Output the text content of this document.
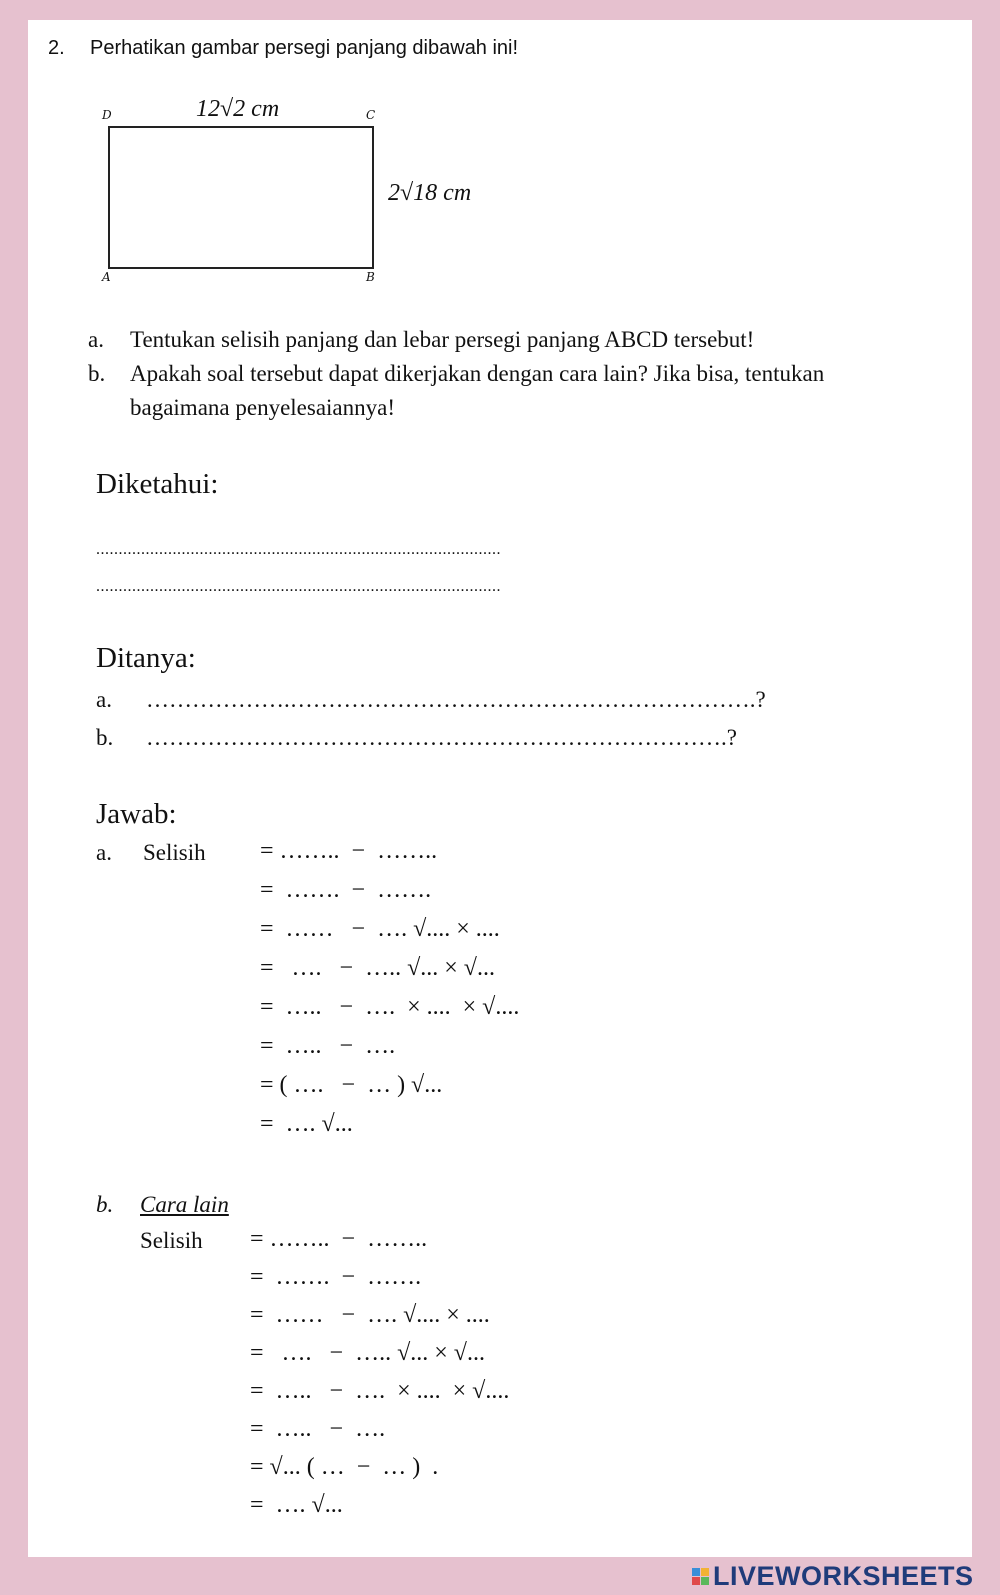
2. Perhatikan gambar persegi panjang dibawah ini!
D	C
A	B
12√2 cm
2√18 cm
a. Tentukan selisih panjang dan lebar persegi panjang ABCD tersebut!
b. Apakah soal tersebut dapat dikerjakan dengan cara lain? Jika bisa, tentukan
bagaimana penyelesaiannya!
Diketahui:
..........................................................................................
..........................................................................................
Ditanya:
a. ……………….…………………………………………………….?
b. ………………………………………………………………….?
Jawab:
a. Selisih = ……..  −  ……..
=  …….  −  …….
=  ……   −  …. √.... × ....
=   ….   −  ….. √... × √...
=  …..   −  ….  × ....  × √....
=  …..   −  ….
= ( ….   −  … ) √...
=  …. √...
b. Cara lain
Selisih = ……..  −  ……..
=  …….  −  …….
=  ……   −  …. √.... × ....
=   ….   −  ….. √... × √...
=  …..   −  ….  × ....  × √....
=  …..   −  ….
= √... ( …  −  … )  .
=  …. √...
LIVEWORKSHEETS
